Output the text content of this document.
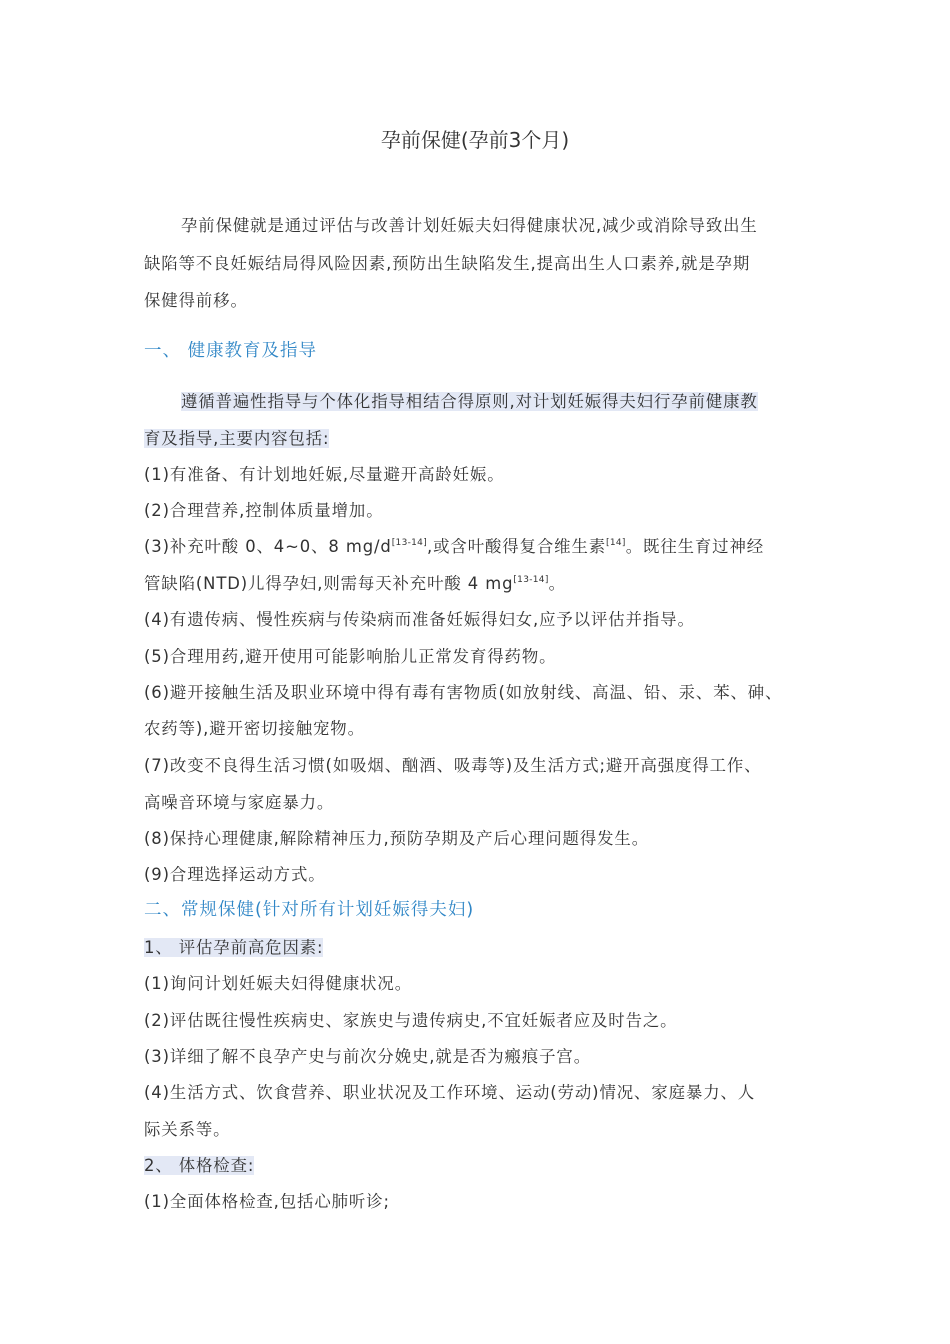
孕前保健(孕前3个月)
孕前保健就是通过评估与改善计划妊娠夫妇得健康状况,减少或消除导致出生
缺陷等不良妊娠结局得风险因素,预防出生缺陷发生,提高出生人口素养,就是孕期
保健得前移。
一、 健康教育及指导
遵循普遍性指导与个体化指导相结合得原则,对计划妊娠得夫妇行孕前健康教
育及指导,主要内容包括:
(1)有准备、有计划地妊娠,尽量避开高龄妊娠。
(2)合理营养,控制体质量增加。
(3)补充叶酸 0、4~0、8 mg/d[13-14],或含叶酸得复合维生素[14]。既往生育过神经
管缺陷(NTD)儿得孕妇,则需每天补充叶酸 4 mg[13-14]。
(4)有遗传病、慢性疾病与传染病而准备妊娠得妇女,应予以评估并指导。
(5)合理用药,避开使用可能影响胎儿正常发育得药物。
(6)避开接触生活及职业环境中得有毒有害物质(如放射线、高温、铅、汞、苯、砷、
农药等),避开密切接触宠物。
(7)改变不良得生活习惯(如吸烟、酗酒、吸毒等)及生活方式;避开高强度得工作、
高噪音环境与家庭暴力。
(8)保持心理健康,解除精神压力,预防孕期及产后心理问题得发生。
(9)合理选择运动方式。
二、常规保健(针对所有计划妊娠得夫妇)
1、 评估孕前高危因素:
(1)询问计划妊娠夫妇得健康状况。
(2)评估既往慢性疾病史、家族史与遗传病史,不宜妊娠者应及时告之。
(3)详细了解不良孕产史与前次分娩史,就是否为瘢痕子宫。
(4)生活方式、饮食营养、职业状况及工作环境、运动(劳动)情况、家庭暴力、人
际关系等。
2、 体格检查:
(1)全面体格检查,包括心肺听诊;
